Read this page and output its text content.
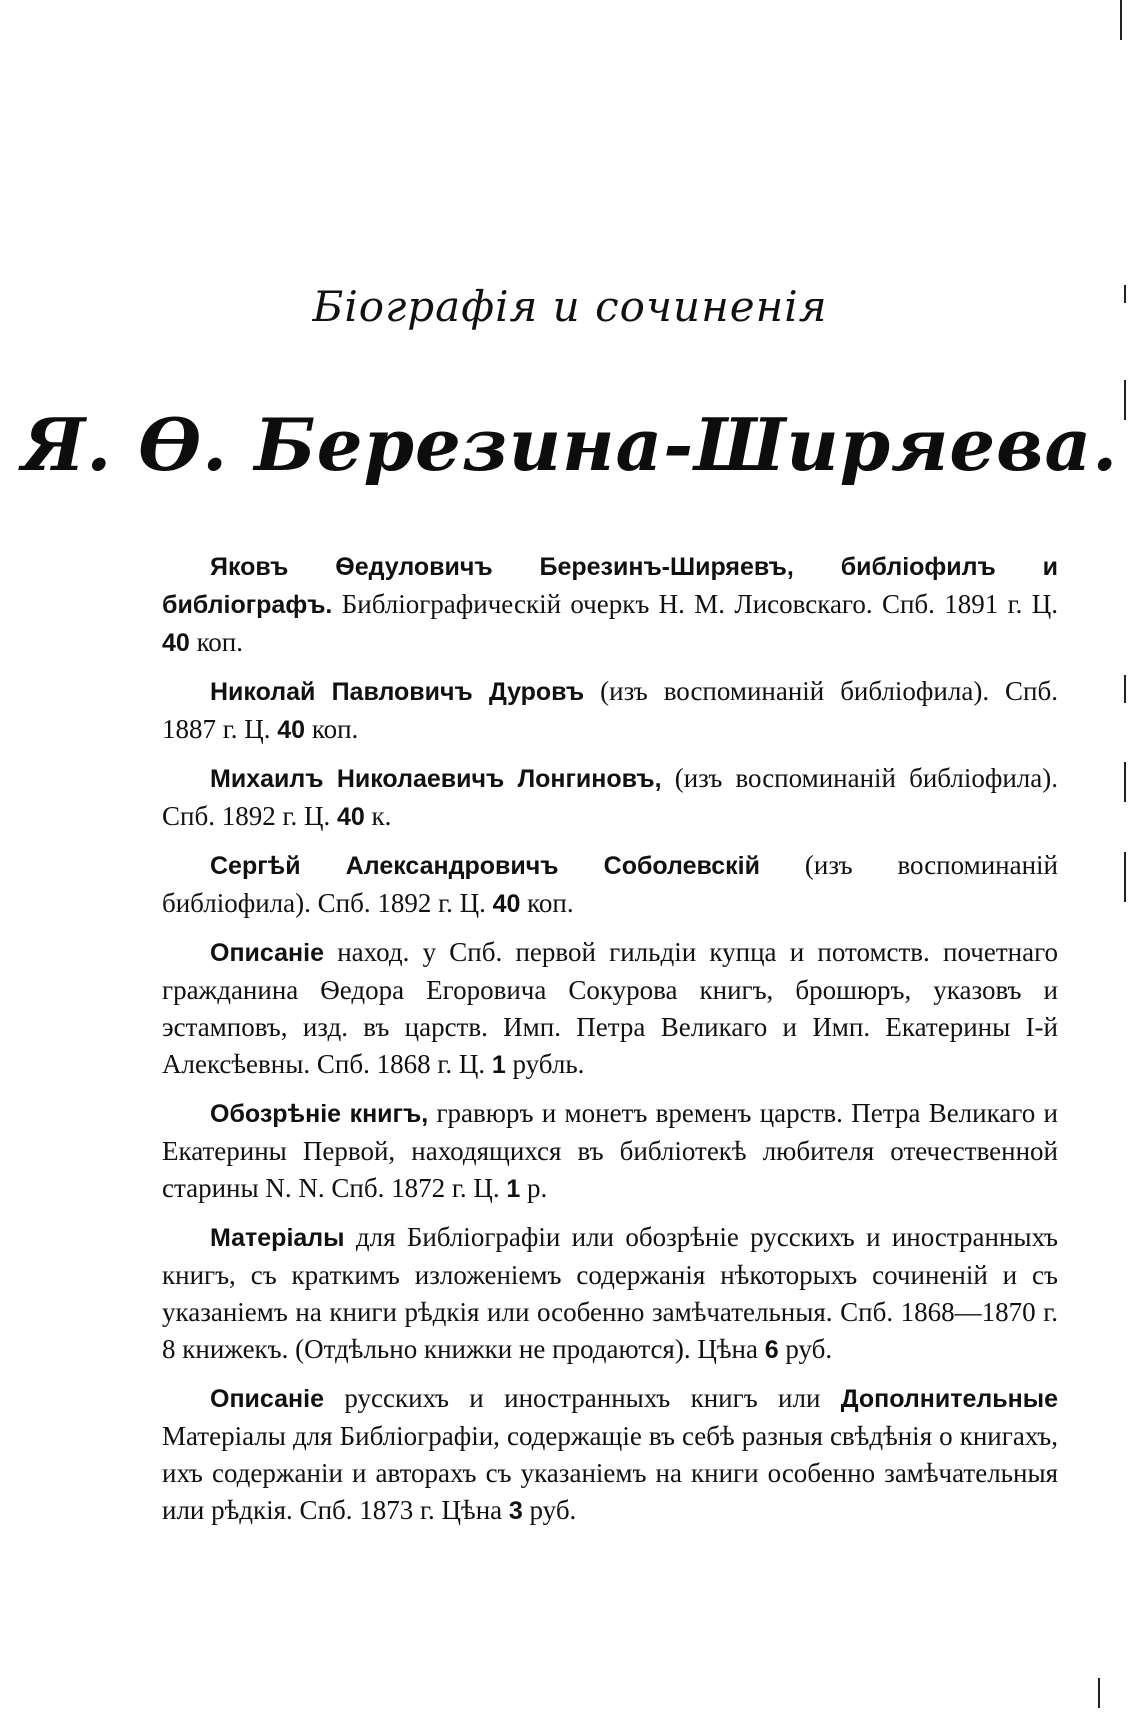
Біографія и сочиненія
Я. Ѳ. Березина-Ширяева.

Яковъ Ѳедуловичъ Березинъ-Ширяевъ, библіофилъ и библіографъ. Библіографическій очеркъ Н. М. Лисовскаго. Спб. 1891 г. Ц. 40 коп.

Николай Павловичъ Дуровъ (изъ воспоминаній библіофила). Спб. 1887 г. Ц. 40 коп.

Михаилъ Николаевичъ Лонгиновъ, (изъ воспоминаній библіофила). Спб. 1892 г. Ц. 40 к.

Сергѣй Александровичъ Соболевскій (изъ воспоминаній библіофила). Спб. 1892 г. Ц. 40 коп.

Описаніе наход. у Спб. первой гильдіи купца и потомств. почетнаго гражданина Ѳедора Егоровича Сокурова книгъ, брошюръ, указовъ и эстамповъ, изд. въ царств. Имп. Петра Великаго и Имп. Екатерины І-й Алексѣевны. Спб. 1868 г. Ц. 1 рубль.

Обозрѣніе книгъ, гравюръ и монетъ временъ царств. Петра Великаго и Екатерины Первой, находящихся въ библіотекѣ любителя отечественной старины N. N. Спб. 1872 г. Ц. 1 р.

Матеріалы для Библіографіи или обозрѣніе русскихъ и иностранныхъ книгъ, съ краткимъ изложеніемъ содержанія нѣкоторыхъ сочиненій и съ указаніемъ на книги рѣдкія или особенно замѣчательныя. Спб. 1868—1870 г. 8 книжекъ. (Отдѣльно книжки не продаются). Цѣна 6 руб.

Описаніе русскихъ и иностранныхъ книгъ или Дополнительные Матеріалы для Библіографіи, содержащіе въ себѣ разныя свѣдѣнія о книгахъ, ихъ содержаніи и авторахъ съ указаніемъ на книги особенно замѣчательныя или рѣдкія. Спб. 1873 г. Цѣна 3 руб.
